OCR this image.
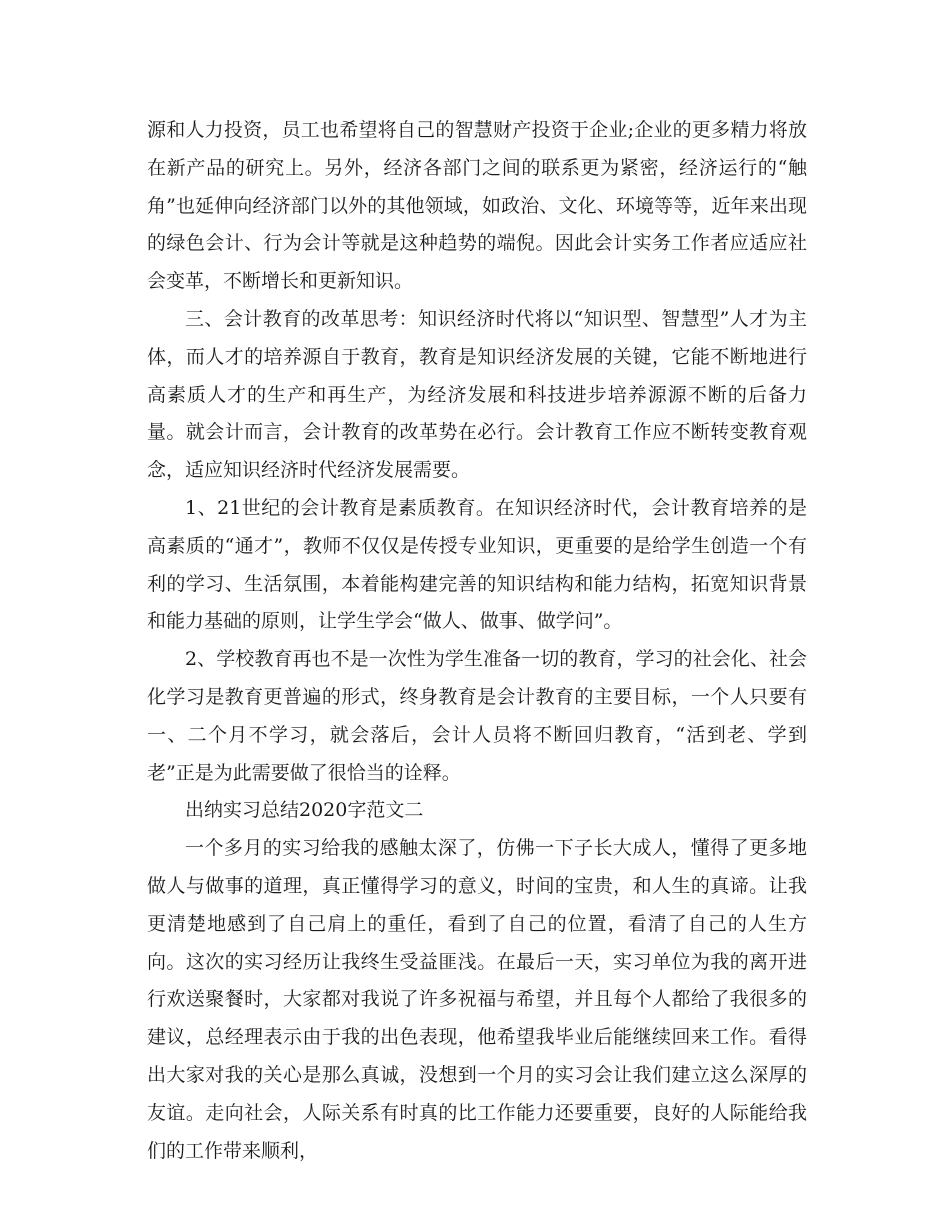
源和人力投资，员工也希望将自己的智慧财产投资于企业;企业的更多精力将放在新产品的研究上。另外，经济各部门之间的联系更为紧密，经济运行的“触角”也延伸向经济部门以外的其他领域，如政治、文化、环境等等，近年来出现的绿色会计、行为会计等就是这种趋势的端倪。因此会计实务工作者应适应社会变革，不断增长和更新知识。

三、会计教育的改革思考：知识经济时代将以“知识型、智慧型”人才为主体，而人才的培养源自于教育，教育是知识经济发展的关键，它能不断地进行高素质人才的生产和再生产，为经济发展和科技进步培养源源不断的后备力量。就会计而言，会计教育的改革势在必行。会计教育工作应不断转变教育观念，适应知识经济时代经济发展需要。

1、21世纪的会计教育是素质教育。在知识经济时代，会计教育培养的是高素质的“通才”，教师不仅仅是传授专业知识，更重要的是给学生创造一个有利的学习、生活氛围，本着能构建完善的知识结构和能力结构，拓宽知识背景和能力基础的原则，让学生学会“做人、做事、做学问”。

2、学校教育再也不是一次性为学生准备一切的教育，学习的社会化、社会化学习是教育更普遍的形式，终身教育是会计教育的主要目标，一个人只要有一、二个月不学习，就会落后，会计人员将不断回归教育，“活到老、学到老”正是为此需要做了很恰当的诠释。

出纳实习总结2020字范文二

一个多月的实习给我的感触太深了，仿佛一下子长大成人，懂得了更多地做人与做事的道理，真正懂得学习的意义，时间的宝贵，和人生的真谛。让我更清楚地感到了自己肩上的重任，看到了自己的位置，看清了自己的人生方向。这次的实习经历让我终生受益匪浅。在最后一天，实习单位为我的离开进行欢送聚餐时，大家都对我说了许多祝福与希望，并且每个人都给了我很多的建议，总经理表示由于我的出色表现，他希望我毕业后能继续回来工作。看得出大家对我的关心是那么真诚，没想到一个月的实习会让我们建立这么深厚的友谊。走向社会，人际关系有时真的比工作能力还要重要，良好的人际能给我们的工作带来顺利，
